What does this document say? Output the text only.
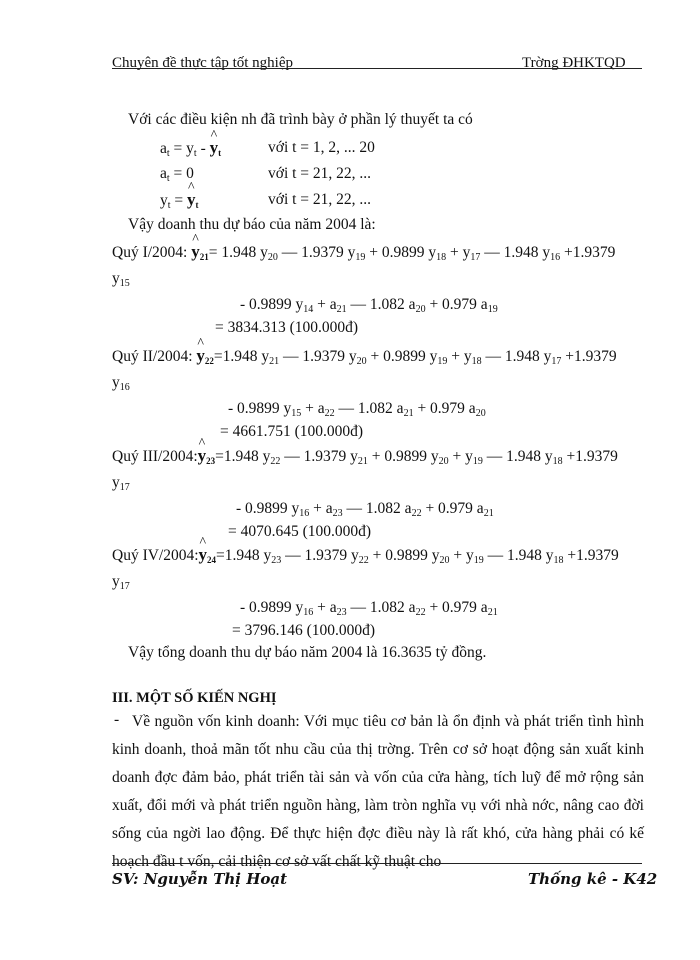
Chuyên đề thực tập tốt nghiệp	Trờng ĐHKTQD
Với các điều kiện nh đã trình bày ở phần lý thuyết ta có
$a_t = y_t$ - ^ $y_t$	với t = 1, 2, ... 20
$a_t = 0$	với t = 21, 22, ...
$y_t$ = ^ $y_t$	với t = 21, 22, ...
Vậy doanh thu dự báo của năm 2004 là:
Quý I/2004: ^ $y_{21}= 1.948$ $y_{20}$ — 1.9379 $y_{19} + 0.9899$ $y_{18} + y_{17}$ — 1.948 $y_{16} +1.9379$
$y_{15}$
- 0.9899 $y_{14} + a_{21}$ — 1.082 $a_{20} + 0.979$ $a_{19}$
= 3834.313 (100.000đ)
Quý II/2004: ^ $y_{22}=1.948$ $y_{21}$ — 1.9379 $y_{20} + 0.9899$ $y_{19} + y_{18}$ — 1.948 $y_{17} +1.9379$
$y_{16}$
- 0.9899 $y_{15} + a_{22}$ — 1.082 $a_{21} + 0.979$ $a_{20}$
= 4661.751 (100.000đ)
Quý III/2004:^ $y_{23}=1.948$ $y_{22}$ — 1.9379 $y_{21} + 0.9899$ $y_{20} + y_{19}$ — 1.948 $y_{18} +1.9379$
$y_{17}$
- 0.9899 $y_{16} + a_{23}$ — 1.082 $a_{22} + 0.979$ $a_{21}$
= 4070.645 (100.000đ)
Quý IV/2004:^ $y_{24}=1.948$ $y_{23}$ — 1.9379 $y_{22} + 0.9899$ $y_{20} + y_{19}$ — 1.948 $y_{18} +1.9379$
$y_{17}$
- 0.9899 $y_{16} + a_{23}$ — 1.082 $a_{22} + 0.979$ $a_{21}$
= 3796.146 (100.000đ)
Vậy tổng doanh thu dự báo năm 2004 là 16.3635 tỷ đồng.
III. MỘT SỐ KIẾN NGHỊ
- Về nguồn vốn kinh doanh: Với mục tiêu cơ bản là ổn định và phát triển tình hình kinh doanh, thoả mãn tốt nhu cầu của thị trờng. Trên cơ sở hoạt động sản xuất kinh doanh đợc đảm bảo, phát triển tài sản và vốn của cửa hàng, tích luỹ để mở rộng sản xuất, đổi mới và phát triển nguồn hàng, làm tròn nghĩa vụ với nhà nớc, nâng cao đời sống của ngời lao động. Để thực hiện đợc điều này là rất khó, cửa hàng phải có kế hoạch đầu t vốn, cải thiện cơ sở vất chất kỹ thuật cho
SV: Nguyễn Thị Hoạt	Thống kê - K42
